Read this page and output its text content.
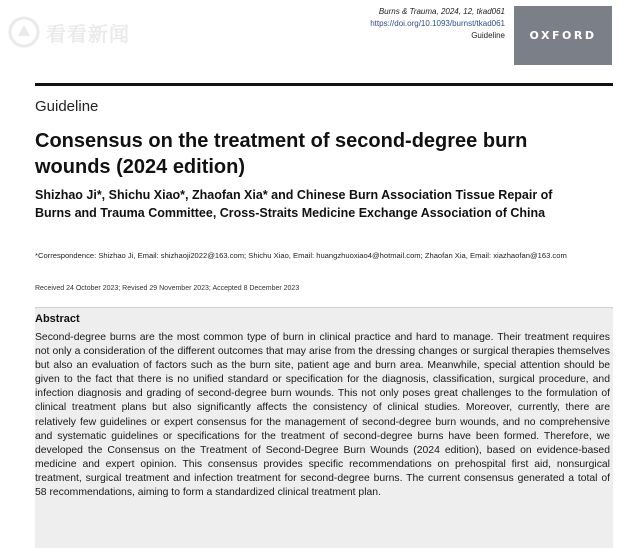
看看新闻
Burns & Trauma, 2024, 12, tkad061
https://doi.org/10.1093/burnst/tkad061
Guideline OXFORD
Guideline
Consensus on the treatment of second-degree burn wounds (2024 edition)
Shizhao Ji*, Shichu Xiao*, Zhaofan Xia* and Chinese Burn Association Tissue Repair of Burns and Trauma Committee, Cross-Straits Medicine Exchange Association of China
*Correspondence: Shizhao Ji, Email: shizhaoji2022@163.com; Shichu Xiao, Email: huangzhuoxiao4@hotmail.com; Zhaofan Xia, Email: xiazhaofan@163.com
Received 24 October 2023; Revised 29 November 2023; Accepted 8 December 2023
Abstract
Second-degree burns are the most common type of burn in clinical practice and hard to manage. Their treatment requires not only a consideration of the different outcomes that may arise from the dressing changes or surgical therapies themselves but also an evaluation of factors such as the burn site, patient age and burn area. Meanwhile, special attention should be given to the fact that there is no unified standard or specification for the diagnosis, classification, surgical procedure, and infection diagnosis and grading of second-degree burn wounds. This not only poses great challenges to the formulation of clinical treatment plans but also significantly affects the consistency of clinical studies. Moreover, currently, there are relatively few guidelines or expert consensus for the management of second-degree burn wounds, and no comprehensive and systematic guidelines or specifications for the treatment of second-degree burns have been formed. Therefore, we developed the Consensus on the Treatment of Second-Degree Burn Wounds (2024 edition), based on evidence-based medicine and expert opinion. This consensus provides specific recommendations on prehospital first aid, nonsurgical treatment, surgical treatment and infection treatment for second-degree burns. The current consensus generated a total of 58 recommendations, aiming to form a standardized clinical treatment plan.
